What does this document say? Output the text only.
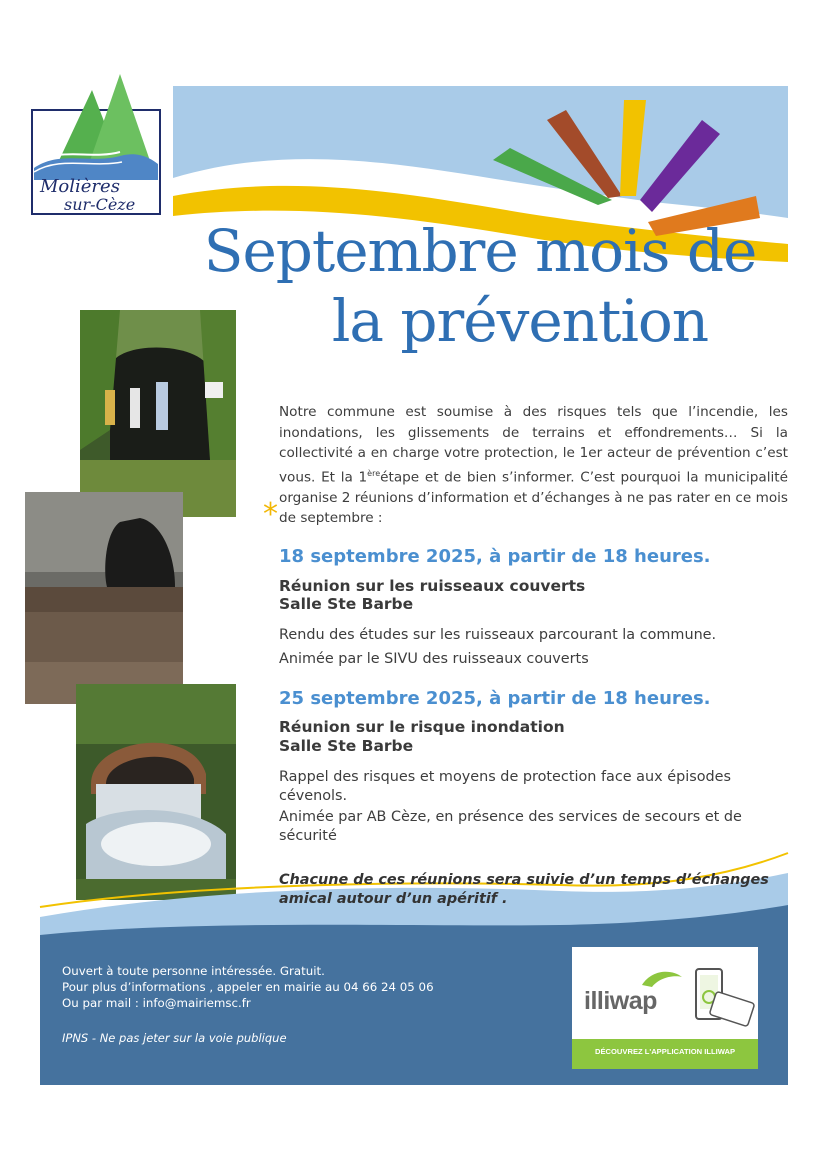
Molières
sur-Cèze
Septembre mois de
la prévention
Notre commune est soumise à des risques tels que l’incendie, les inondations, les glissements de terrains et effondrements… Si la collectivité a en charge votre protection, le 1er acteur de prévention c’est vous. Et la 1èreétape et de bien s’informer. C’est pourquoi la municipalité organise 2 réunions d’information et d’échanges à ne pas rater en ce mois de septembre :
*
18 septembre 2025, à partir de 18 heures.
Réunion sur les ruisseaux couverts
Salle Ste Barbe
Rendu des études sur les ruisseaux parcourant la commune.
Animée par le SIVU des ruisseaux couverts
25 septembre 2025, à partir de 18 heures.
Réunion sur le risque inondation
Salle Ste Barbe
Rappel des risques et moyens de protection face aux épisodes cévenols.
Animée par AB Cèze, en présence des services de secours et de sécurité
Chacune de ces réunions sera suivie d’un temps d’échanges amical autour d’un apéritif .
Ouvert à toute personne intéressée. Gratuit.
Pour plus d’informations , appeler en mairie au 04 66 24 05 06
Ou par mail : info@mairiemsc.fr
IPNS - Ne pas jeter sur la voie publique
illiwap
DÉCOUVREZ L'APPLICATION ILLIWAP
